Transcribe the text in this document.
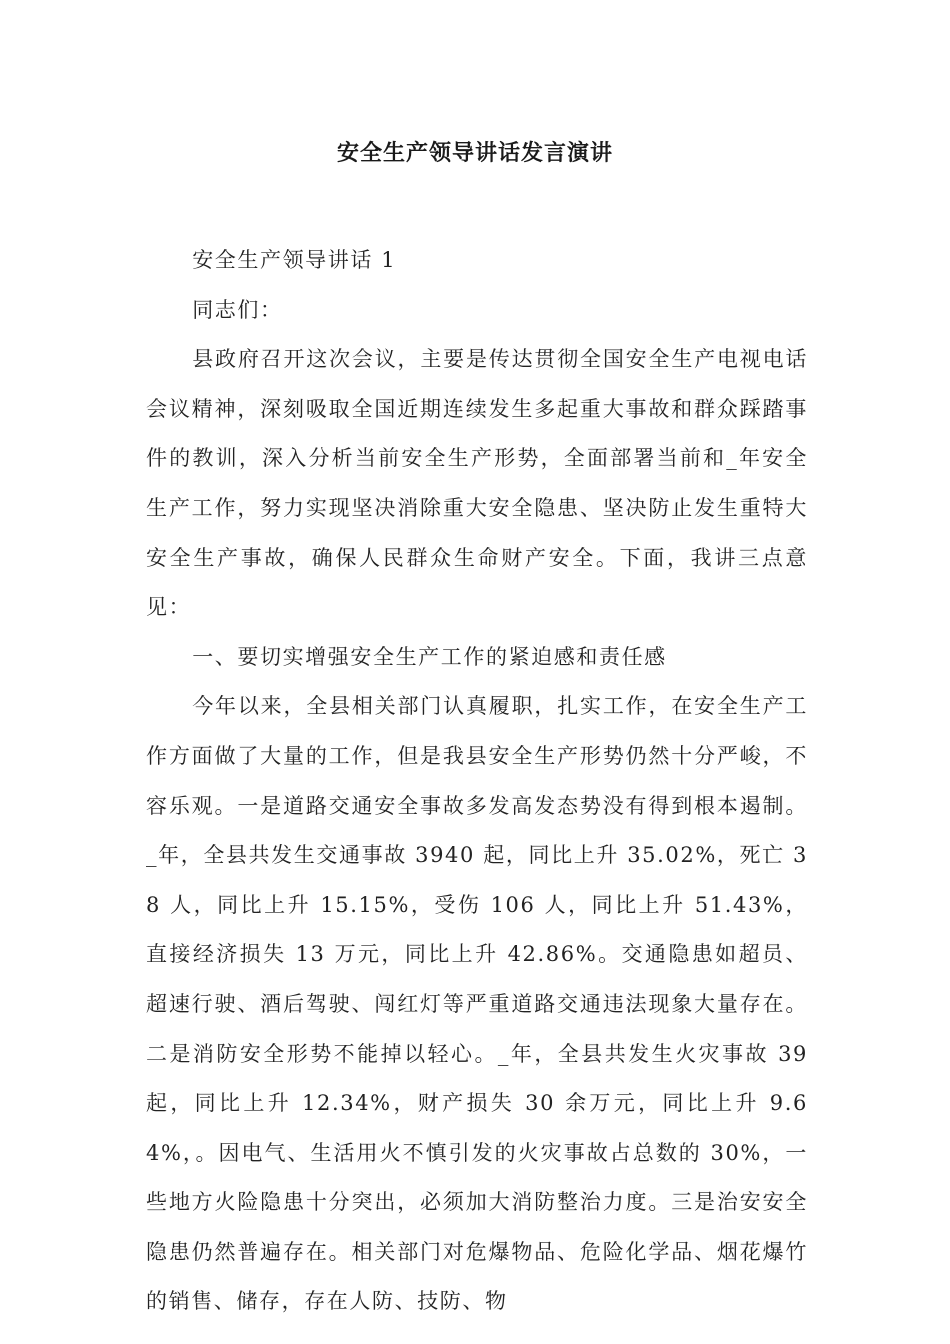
安全生产领导讲话发言演讲

安全生产领导讲话 1

同志们：

县政府召开这次会议，主要是传达贯彻全国安全生产电视电话会议精神，深刻吸取全国近期连续发生多起重大事故和群众踩踏事件的教训，深入分析当前安全生产形势，全面部署当前和_年安全生产工作，努力实现坚决消除重大安全隐患、坚决防止发生重特大安全生产事故，确保人民群众生命财产安全。下面，我讲三点意见：

一、要切实增强安全生产工作的紧迫感和责任感

今年以来，全县相关部门认真履职，扎实工作，在安全生产工作方面做了大量的工作，但是我县安全生产形势仍然十分严峻，不容乐观。一是道路交通安全事故多发高发态势没有得到根本遏制。_年，全县共发生交通事故 3940 起，同比上升 35.02%，死亡 38 人，同比上升 15.15%，受伤 106 人，同比上升 51.43%，直接经济损失 13 万元，同比上升 42.86%。交通隐患如超员、超速行驶、酒后驾驶、闯红灯等严重道路交通违法现象大量存在。二是消防安全形势不能掉以轻心。_年，全县共发生火灾事故 39 起，同比上升 12.34%，财产损失 30 余万元，同比上升 9.64%，。因电气、生活用火不慎引发的火灾事故占总数的 30%，一些地方火险隐患十分突出，必须加大消防整治力度。三是治安安全隐患仍然普遍存在。相关部门对危爆物品、危险化学品、烟花爆竹的销售、储存，存在人防、技防、物
